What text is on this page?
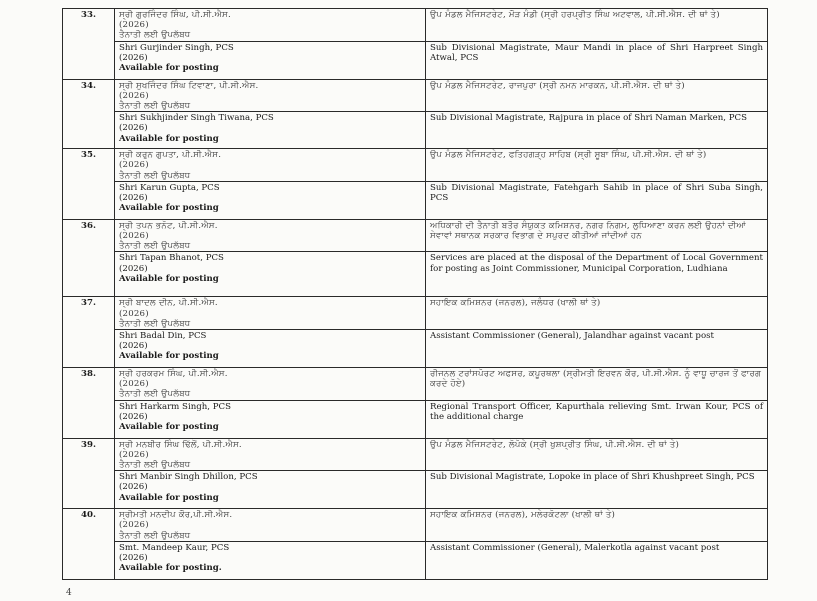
33.	ਸ੍ਰੀ ਗੁਰਜਿੰਦਰ ਸਿੰਘ, ਪੀ.ਸੀ.ਐਸ.
(2026)
ਤੈਨਾਤੀ ਲਈ ਉਪਲੱਬਧ	ਉਪ ਮੰਡਲ ਮੈਜਿਸਟਰੇਟ, ਮੌੜ ਮੰਡੀ (ਸ੍ਰੀ ਹਰਪ੍ਰੀਤ ਸਿੰਘ ਅਟਵਾਲ, ਪੀ.ਸੀ.ਐਸ. ਦੀ ਥਾਂ ਤੇ)

	Shri Gurjinder Singh, PCS
(2026)
Available for posting	Sub Divisional Magistrate, Maur Mandi in place of Shri Harpreet Singh Atwal, PCS

34.	ਸ੍ਰੀ ਸੁਖਜਿੰਦਰ ਸਿੰਘ ਟਿਵਾਣਾ, ਪੀ.ਸੀ.ਐਸ.
(2026)
ਤੈਨਾਤੀ ਲਈ ਉਪਲੱਬਧ	ਉਪ ਮੰਡਲ ਮੈਜਿਸਟਰੇਟ, ਰਾਜਪੁਰਾ (ਸ੍ਰੀ ਨਮਨ ਮਾਰਕਨ, ਪੀ.ਸੀ.ਐਸ. ਦੀ ਥਾਂ ਤੇ)

	Shri Sukhjinder Singh Tiwana, PCS
(2026)
Available for posting	Sub Divisional Magistrate, Rajpura in place of Shri Naman Marken, PCS

35.	ਸ੍ਰੀ ਕਰੁਨ ਗੁਪਤਾ, ਪੀ.ਸੀ.ਐਸ.
(2026)
ਤੈਨਾਤੀ ਲਈ ਉਪਲੱਬਧ	ਉਪ ਮੰਡਲ ਮੈਜਿਸਟਰੇਟ, ਫਤਿਹਗੜ੍ਹ ਸਾਹਿਬ (ਸ੍ਰੀ ਸੂਬਾ ਸਿੰਘ, ਪੀ.ਸੀ.ਐਸ. ਦੀ ਥਾਂ ਤੇ)

	Shri Karun Gupta, PCS
(2026)
Available for posting	Sub Divisional Magistrate, Fatehgarh Sahib in place of Shri Suba Singh, PCS

36.	ਸ੍ਰੀ ਤਪਨ ਭਨੋਟ, ਪੀ.ਸੀ.ਐਸ.
(2026)
ਤੈਨਾਤੀ ਲਈ ਉਪਲੱਬਧ	ਅਧਿਕਾਰੀ ਦੀ ਤੈਨਾਤੀ ਬਤੌਰ ਸੰਯੁਕਤ ਕਮਿਸ਼ਨਰ, ਨਗਰ ਨਿਗਮ, ਲੁਧਿਆਣਾ ਕਰਨ ਲਈ ਉਹਨਾਂ ਦੀਆਂ ਸੇਵਾਵਾਂ ਸਥਾਨਕ ਸਰਕਾਰ ਵਿਭਾਗ ਦੇ ਸਪੁਰਦ ਕੀਤੀਆਂ ਜਾਂਦੀਆਂ ਹਨ

	Shri Tapan Bhanot, PCS
(2026)
Available for posting	Services are placed at the disposal of the Department of Local Government for posting as Joint Commissioner, Municipal Corporation, Ludhiana

37.	ਸ੍ਰੀ ਬਾਦਲ ਦੀਨ, ਪੀ.ਸੀ.ਐਸ.
(2026)
ਤੈਨਾਤੀ ਲਈ ਉਪਲੱਬਧ	ਸਹਾਇਕ ਕਮਿਸ਼ਨਰ (ਜਨਰਲ), ਜਲੰਧਰ (ਖਾਲੀ ਥਾਂ ਤੇ)

	Shri Badal Din, PCS
(2026)
Available for posting	Assistant Commissioner (General), Jalandhar against vacant post

38.	ਸ੍ਰੀ ਹਰਕਰਮ ਸਿੰਘ, ਪੀ.ਸੀ.ਐਸ.
(2026)
ਤੈਨਾਤੀ ਲਈ ਉਪਲੱਬਧ	ਰੀਜਨਲ ਟਰਾਂਸਪੋਰਟ ਅਫਸਰ, ਕਪੂਰਥਲਾ (ਸ੍ਰੀਮਤੀ ਇਰਵਨ ਕੌਰ, ਪੀ.ਸੀ.ਐਸ. ਨੂੰ ਵਾਧੂ ਚਾਰਜ ਤੋਂ ਫਾਰਗ ਕਰਦੇ ਹੋਏ)

	Shri Harkarm Singh, PCS
(2026)
Available for posting	Regional Transport Officer, Kapurthala relieving Smt. Irwan Kour, PCS of the additional charge

39.	ਸ੍ਰੀ ਮਨਬੀਰ ਸਿੰਘ ਢਿੱਲੋਂ, ਪੀ.ਸੀ.ਐਸ.
(2026)
ਤੈਨਾਤੀ ਲਈ ਉਪਲੱਬਧ	ਉਪ ਮੰਡਲ ਮੈਜਿਸਟਰੇਟ, ਲੋਪੋਕੇ (ਸ੍ਰੀ ਖੁਸ਼ਪ੍ਰੀਤ ਸਿੰਘ, ਪੀ.ਸੀ.ਐਸ. ਦੀ ਥਾਂ ਤੇ)

	Shri Manbir Singh Dhillon, PCS
(2026)
Available for posting	Sub Divisional Magistrate, Lopoke in place of Shri Khushpreet Singh, PCS

40.	ਸ੍ਰੀਮਤੀ ਮਨਦੀਪ ਕੌਰ,ਪੀ.ਸੀ.ਐਸ.
(2026)
ਤੈਨਾਤੀ ਲਈ ਉਪਲੱਬਧ	ਸਹਾਇਕ ਕਮਿਸ਼ਨਰ (ਜਨਰਲ), ਮਲੇਰਕੋਟਲਾ (ਖਾਲੀ ਥਾਂ ਤੇ)

	Smt. Mandeep Kaur, PCS
(2026)
Available for posting.	Assistant Commissioner (General), Malerkotla against vacant post
4
